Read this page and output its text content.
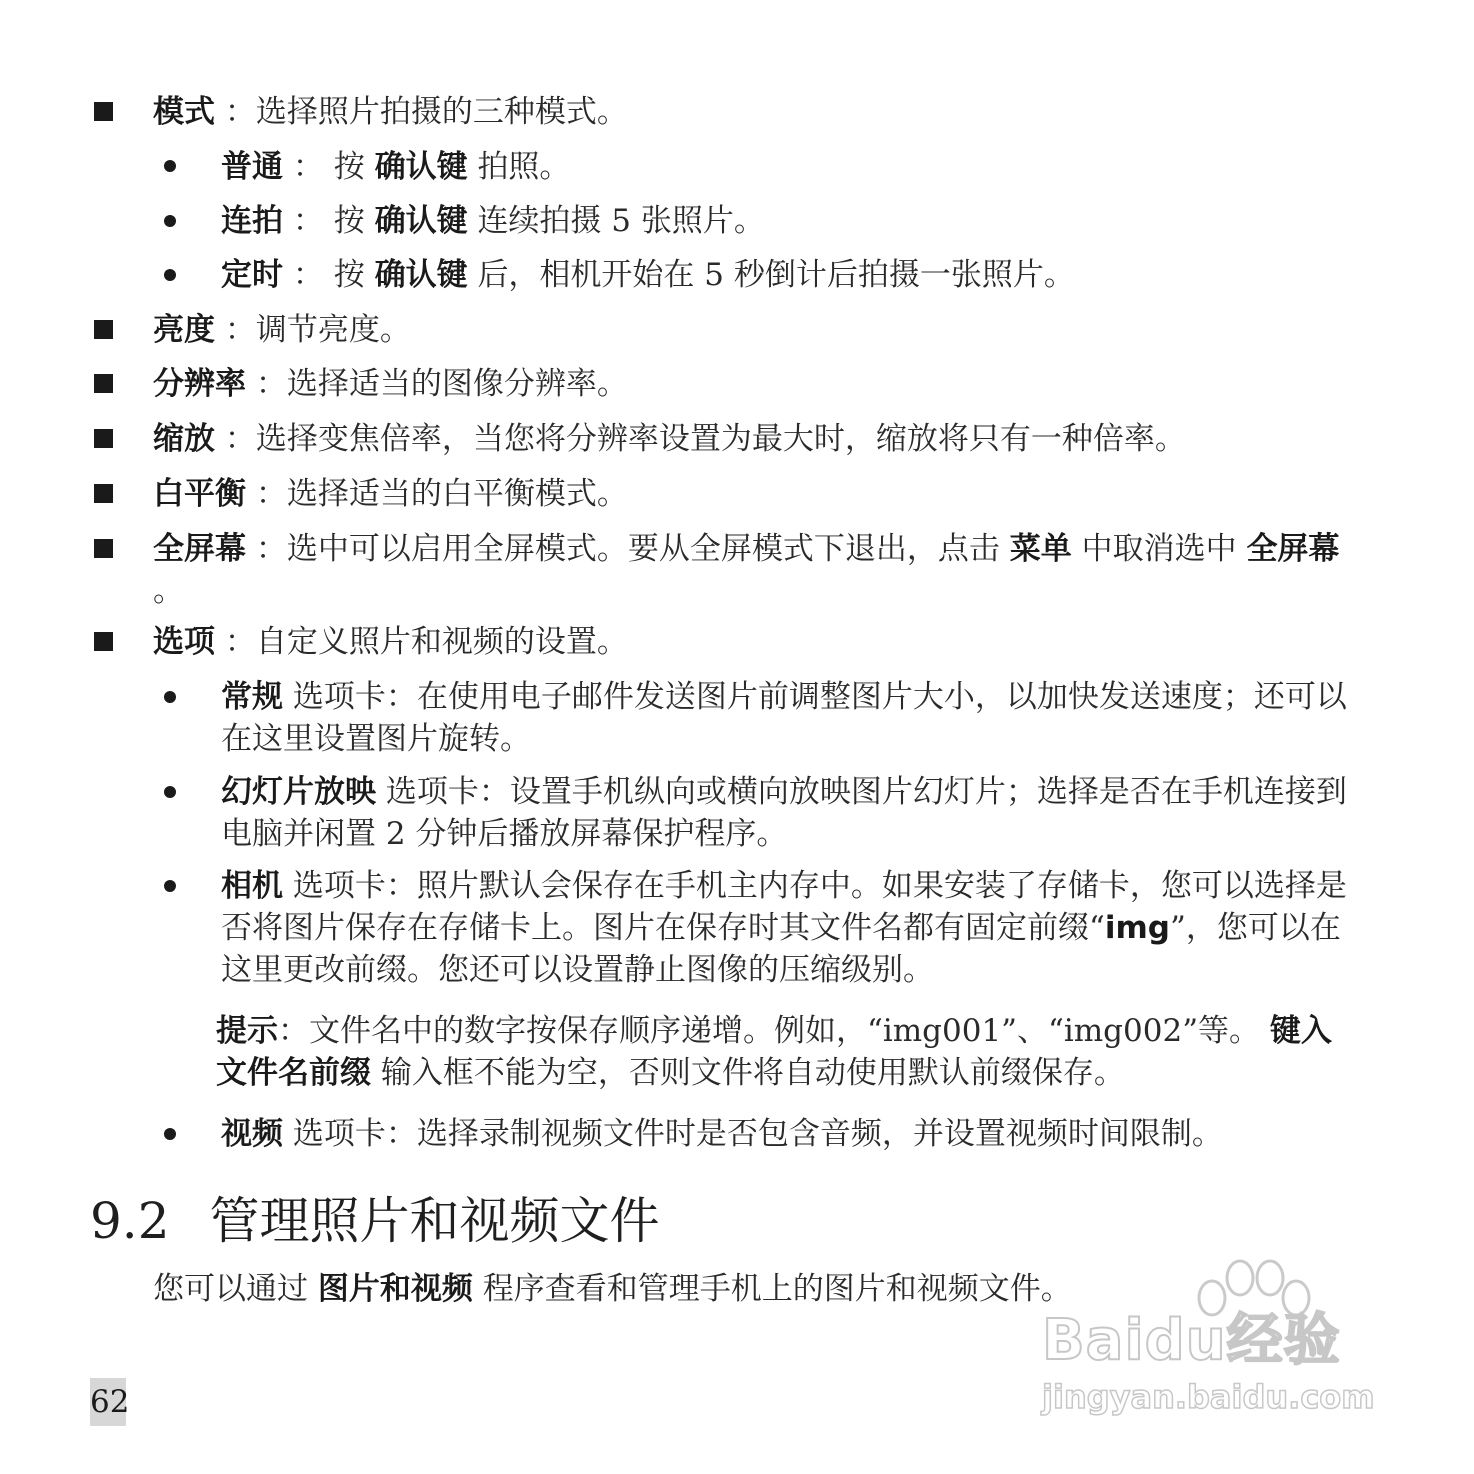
模式 ：选择照片拍摄的三种模式。
普通 ： 按 确认键 拍照。
连拍 ： 按 确认键 连续拍摄 5 张照片。
定时 ： 按 确认键 后，相机开始在 5 秒倒计后拍摄一张照片。
亮度 ：调节亮度。
分辨率 ：选择适当的图像分辨率。
缩放 ：选择变焦倍率，当您将分辨率设置为最大时，缩放将只有一种倍率。
白平衡 ：选择适当的白平衡模式。
全屏幕 ：选中可以启用全屏模式。要从全屏模式下退出，点击 菜单 中取消选中 全屏幕 。
选项 ：自定义照片和视频的设置。
常规 选项卡：在使用电子邮件发送图片前调整图片大小，以加快发送速度；还可以在这里设置图片旋转。
幻灯片放映 选项卡：设置手机纵向或横向放映图片幻灯片；选择是否在手机连接到电脑并闲置 2 分钟后播放屏幕保护程序。
相机 选项卡：照片默认会保存在手机主内存中。如果安装了存储卡，您可以选择是否将图片保存在存储卡上。图片在保存时其文件名都有固定前缀“img”，您可以在这里更改前缀。您还可以设置静止图像的压缩级别。
提示：文件名中的数字按保存顺序递增。例如，“img001”、“img002”等。 键入文件名前缀 输入框不能为空，否则文件将自动使用默认前缀保存。
视频 选项卡：选择录制视频文件时是否包含音频，并设置视频时间限制。
9.2 管理照片和视频文件
您可以通过 图片和视频 程序查看和管理手机上的图片和视频文件。
62
Baidu经验
jingyan.baidu.com
